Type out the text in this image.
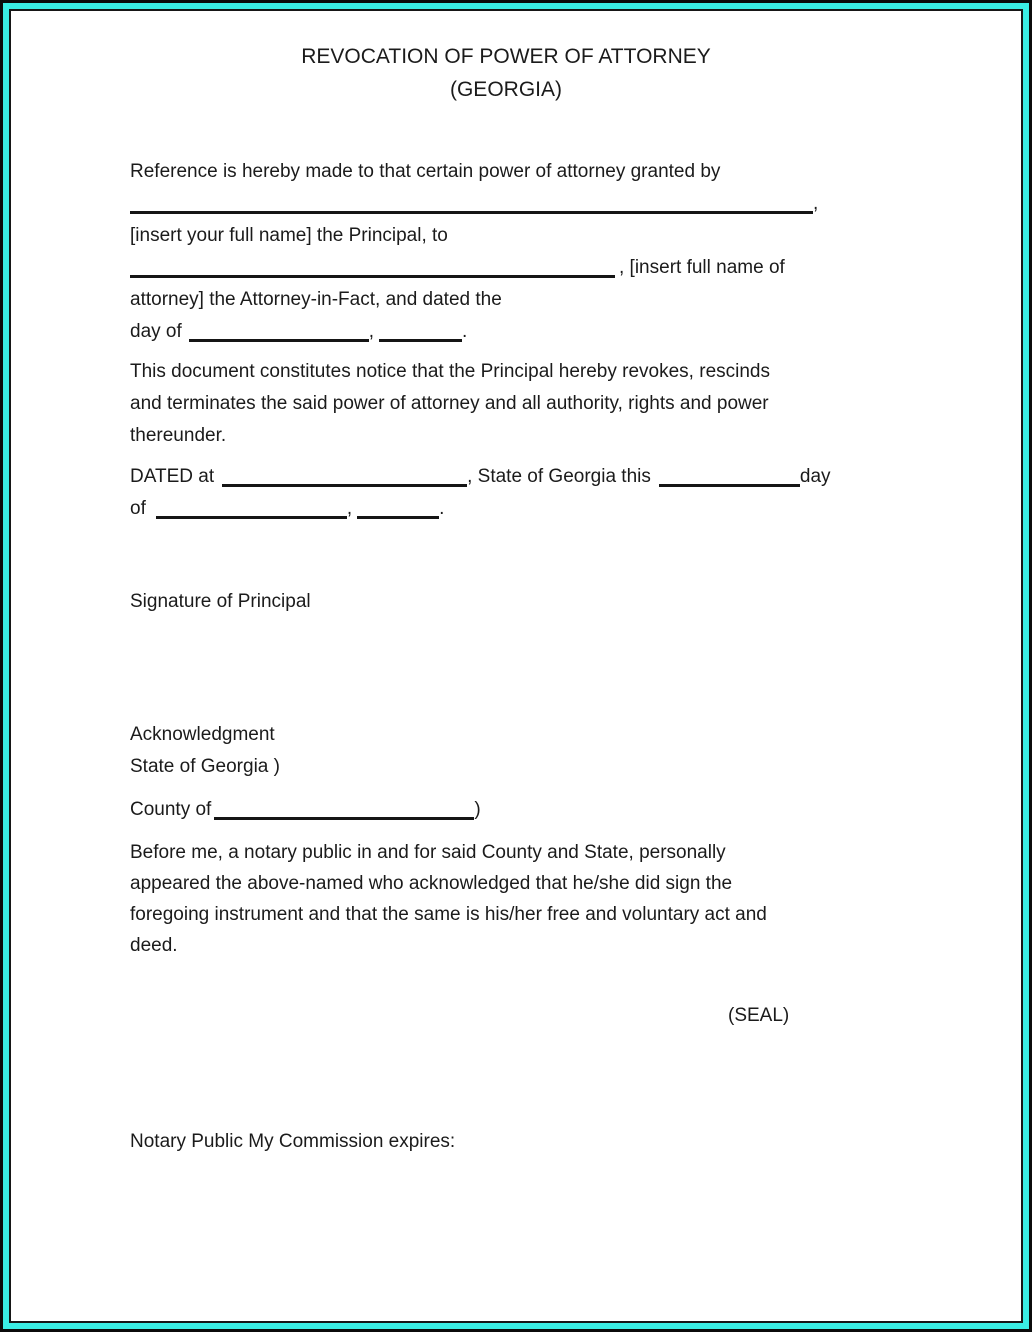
REVOCATION OF POWER OF ATTORNEY
(GEORGIA)
Reference is hereby made to that certain power of attorney granted by
,
[insert your full name] the Principal, to
, [insert full name of
attorney] the Attorney-in-Fact, and dated the
day of	,	.
This document constitutes notice that the Principal hereby revokes, rescinds
and terminates the said power of attorney and all authority, rights and power
thereunder.
DATED at	, State of Georgia this	day
of	,	.
Signature of Principal
Acknowledgment
State of Georgia )
County of	)
Before me, a notary public in and for said County and State, personally
appeared the above-named who acknowledged that he/she did sign the
foregoing instrument and that the same is his/her free and voluntary act and
deed.
(SEAL)
Notary Public My Commission expires:
